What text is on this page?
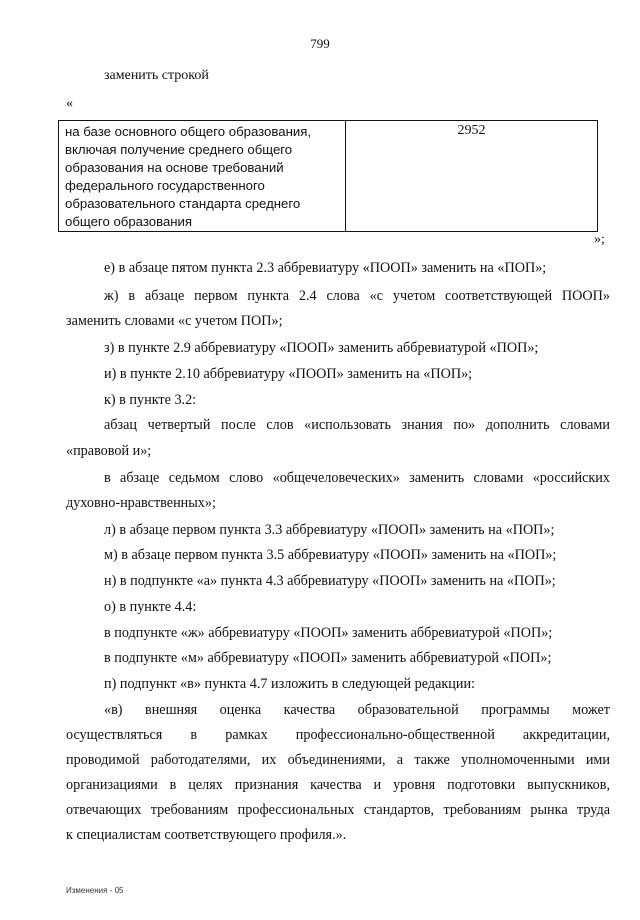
799
заменить строкой
«
на базе основного общего образования, включая получение среднего общего образования на основе требований федерального государственного образовательного стандарта среднего общего образования
2952
»;
е) в абзаце пятом пункта 2.3 аббревиатуру «ПООП» заменить на «ПОП»;
ж) в абзаце первом пункта 2.4 слова «с учетом соответствующей ПООП»
заменить словами «с учетом ПОП»;
з) в пункте 2.9 аббревиатуру «ПООП» заменить аббревиатурой «ПОП»;
и) в пункте 2.10 аббревиатуру «ПООП» заменить на «ПОП»;
к) в пункте 3.2:
абзац четвертый после слов «использовать знания по» дополнить словами
«правовой и»;
в абзаце седьмом слово «общечеловеческих» заменить словами «российских
духовно-нравственных»;
л) в абзаце первом пункта 3.3 аббревиатуру «ПООП» заменить на «ПОП»;
м) в абзаце первом пункта 3.5 аббревиатуру «ПООП» заменить на «ПОП»;
н) в подпункте «а» пункта 4.3 аббревиатуру «ПООП» заменить на «ПОП»;
о) в пункте 4.4:
в подпункте «ж» аббревиатуру «ПООП» заменить аббревиатурой «ПОП»;
в подпункте «м» аббревиатуру «ПООП» заменить аббревиатурой «ПОП»;
п) подпункт «в» пункта 4.7 изложить в следующей редакции:
«в) внешняя оценка качества образовательной программы может
осуществляться в рамках профессионально-общественной аккредитации,
проводимой работодателями, их объединениями, а также уполномоченными ими
организациями в целях признания качества и уровня подготовки выпускников,
отвечающих требованиям профессиональных стандартов, требованиям рынка труда
к специалистам соответствующего профиля.».
Изменения - 05
